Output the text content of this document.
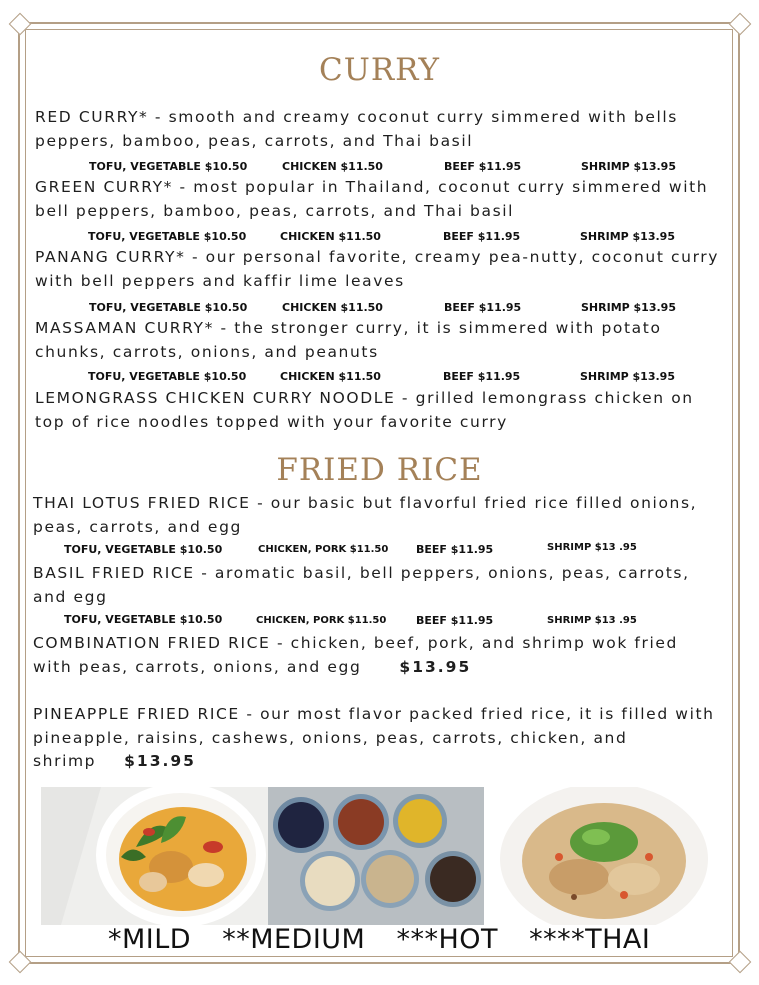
CURRY
RED CURRY* - smooth and creamy coconut curry simmered with bells peppers, bamboo, peas, carrots, and Thai basil
TOFU, VEGETABLE $10.50	CHICKEN $11.50	BEEF $11.95	SHRIMP $13.95
GREEN CURRY* - most popular in Thailand, coconut curry simmered with bell peppers, bamboo, peas, carrots, and Thai basil
TOFU, VEGETABLE $10.50	CHICKEN $11.50	BEEF $11.95	SHRIMP $13.95
PANANG CURRY* - our personal favorite, creamy pea-nutty, coconut curry with bell peppers and kaffir lime leaves
TOFU, VEGETABLE $10.50	CHICKEN $11.50	BEEF $11.95	SHRIMP $13.95
MASSAMAN CURRY* - the stronger curry, it is simmered with potato chunks, carrots, onions, and peanuts
TOFU, VEGETABLE $10.50	CHICKEN $11.50	BEEF $11.95	SHRIMP $13.95
LEMONGRASS CHICKEN CURRY NOODLE - grilled lemongrass chicken on top of rice noodles topped with your favorite curry
FRIED RICE
THAI LOTUS FRIED RICE - our basic but flavorful fried rice filled onions, peas, carrots, and egg
TOFU, VEGETABLE $10.50	CHICKEN, PORK $11.50	BEEF $11.95	SHRIMP $13 .95
BASIL FRIED RICE - aromatic basil, bell peppers, onions, peas, carrots, and egg
TOFU, VEGETABLE $10.50	CHICKEN, PORK $11.50	BEEF $11.95	SHRIMP $13 .95
COMBINATION FRIED RICE - chicken, beef, pork, and shrimp wok fried with peas, carrots, onions, and egg $13.95
PINEAPPLE FRIED RICE - our most flavor packed fried rice, it is filled with pineapple, raisins, cashews, onions, peas, carrots, chicken, and shrimp $13.95
*MILD **MEDIUM ***HOT ****THAI
